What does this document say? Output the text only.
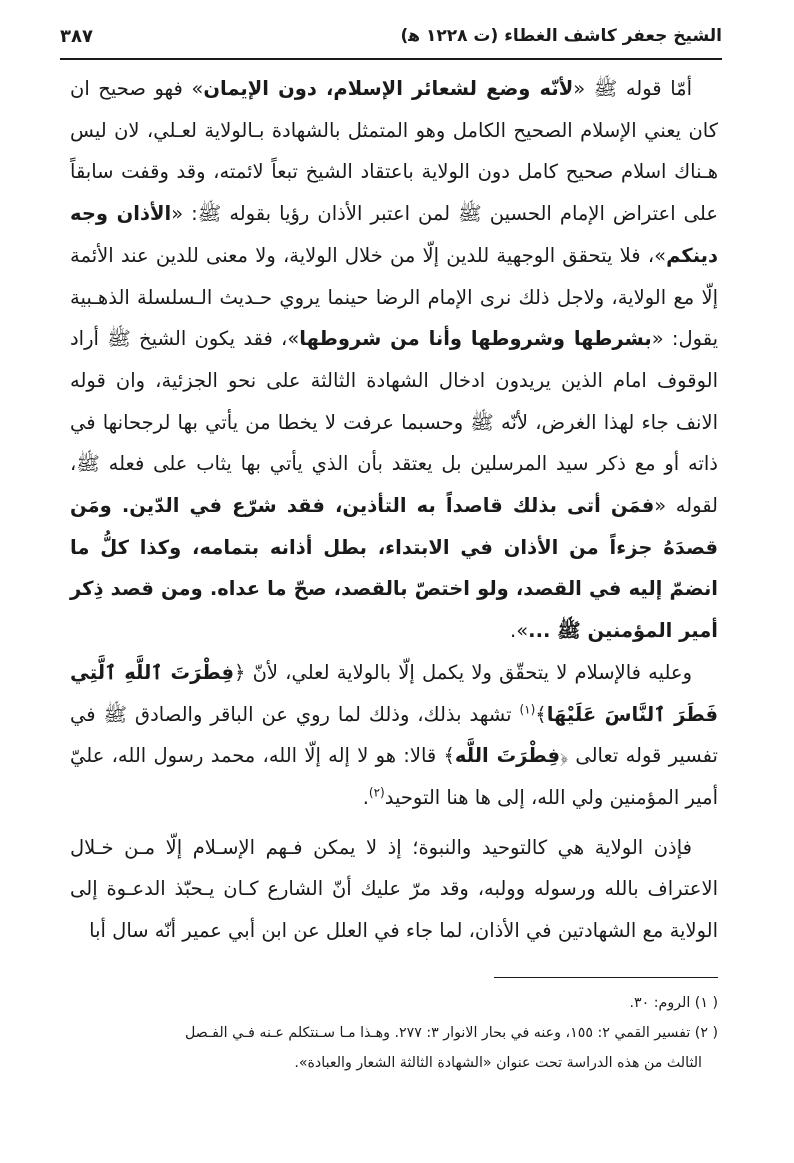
الشيخ جعفر كاشف الغطاء (ت ١٢٢٨ ﻫ)
٣٨٧

أمّا قوله ﷺ «لأنّه وضع لشعائر الإسلام، دون الإيمان» فهو صحيح ان كان يعني الإسلام الصحيح الكامل وهو المتمثل بالشهادة بـالولاية لعـلي، لان ليس هـناك اسلام صحيح كامل دون الولاية باعتقاد الشيخ تبعاً لائمته، وقد وقفت سابقاً على اعتراض الإمام الحسين ﷺ لمن اعتبر الأذان رؤيا بقوله ﷺ: «الأذان وجه دينكم»، فلا يتحقق الوجهية للدين إلّا من خلال الولاية، ولا معنى للدين عند الأئمة إلّا مع الولاية، ولاجل ذلك نرى الإمام الرضا حينما يروي حـديث الـسلسلة الذهـبية يقول: «بشرطها وشروطها وأنا من شروطها»، فقد يكون الشيخ ﷺ أراد الوقوف امام الذين يريدون ادخال الشهادة الثالثة على نحو الجزئية، وان قوله الانف جاء لهذا الغرض، لأنّه ﷺ وحسبما عرفت لا يخطا من يأتي بها لرجحانها في ذاته أو مع ذكر سيد المرسلين بل يعتقد بأن الذي يأتي بها يثاب على فعله ﷺ، لقوله «فمَن أتى بذلك قاصداً به التأذين، فقد شرّع في الدّين. ومَن قصدَهُ جزءاً من الأذان في الابتداء، بطل أذانه بتمامه، وكذا كلُّ ما انضمّ إليه في القصد، ولو اختصّ بالقصد، صحّ ما عداه. ومن قصد ذِكر أمير المؤمنين ﷺ ...».

وعليه فالإسلام لا يتحقّق ولا يكمل إلّا بالولاية لعلي، لأنّ ﴿فِطْرَتَ ٱللَّهِ ٱلَّتِي فَطَرَ ٱلنَّاسَ عَلَيْهَا﴾$^{(١)}$ تشهد بذلك، وذلك لما روي عن الباقر والصادق ﷺ في تفسير قوله تعالى ﴿فِطْرَتَ اللَّه﴾ قالا: هو لا إله إلّا الله، محمد رسول الله، عليّ أمير المؤمنين ولي الله، إلى ها هنا التوحيد$^{(٢)}$.

فإذن الولاية هي كالتوحيد والنبوة؛ إذ لا يمكن فـهم الإسـلام إلّا مـن خـلال الاعتراف بالله ورسوله وولبه، وقد مرّ عليك أنّ الشارع كـان يـحبّذ الدعـوة إلى الولاية مع الشهادتين في الأذان، لما جاء في العلل عن ابن أبي عمير أنّه سال أبا

( ١) الروم: ٣٠.

( ٢) تفسير القمي ٢: ١٥٥، وعنه في بحار الانوار ٣: ٢٧٧. وهـذا مـا سـنتكلم عـنه فـي الفـصل

الثالث من هذه الدراسة تحت عنوان «الشهادة الثالثة الشعار والعبادة».
